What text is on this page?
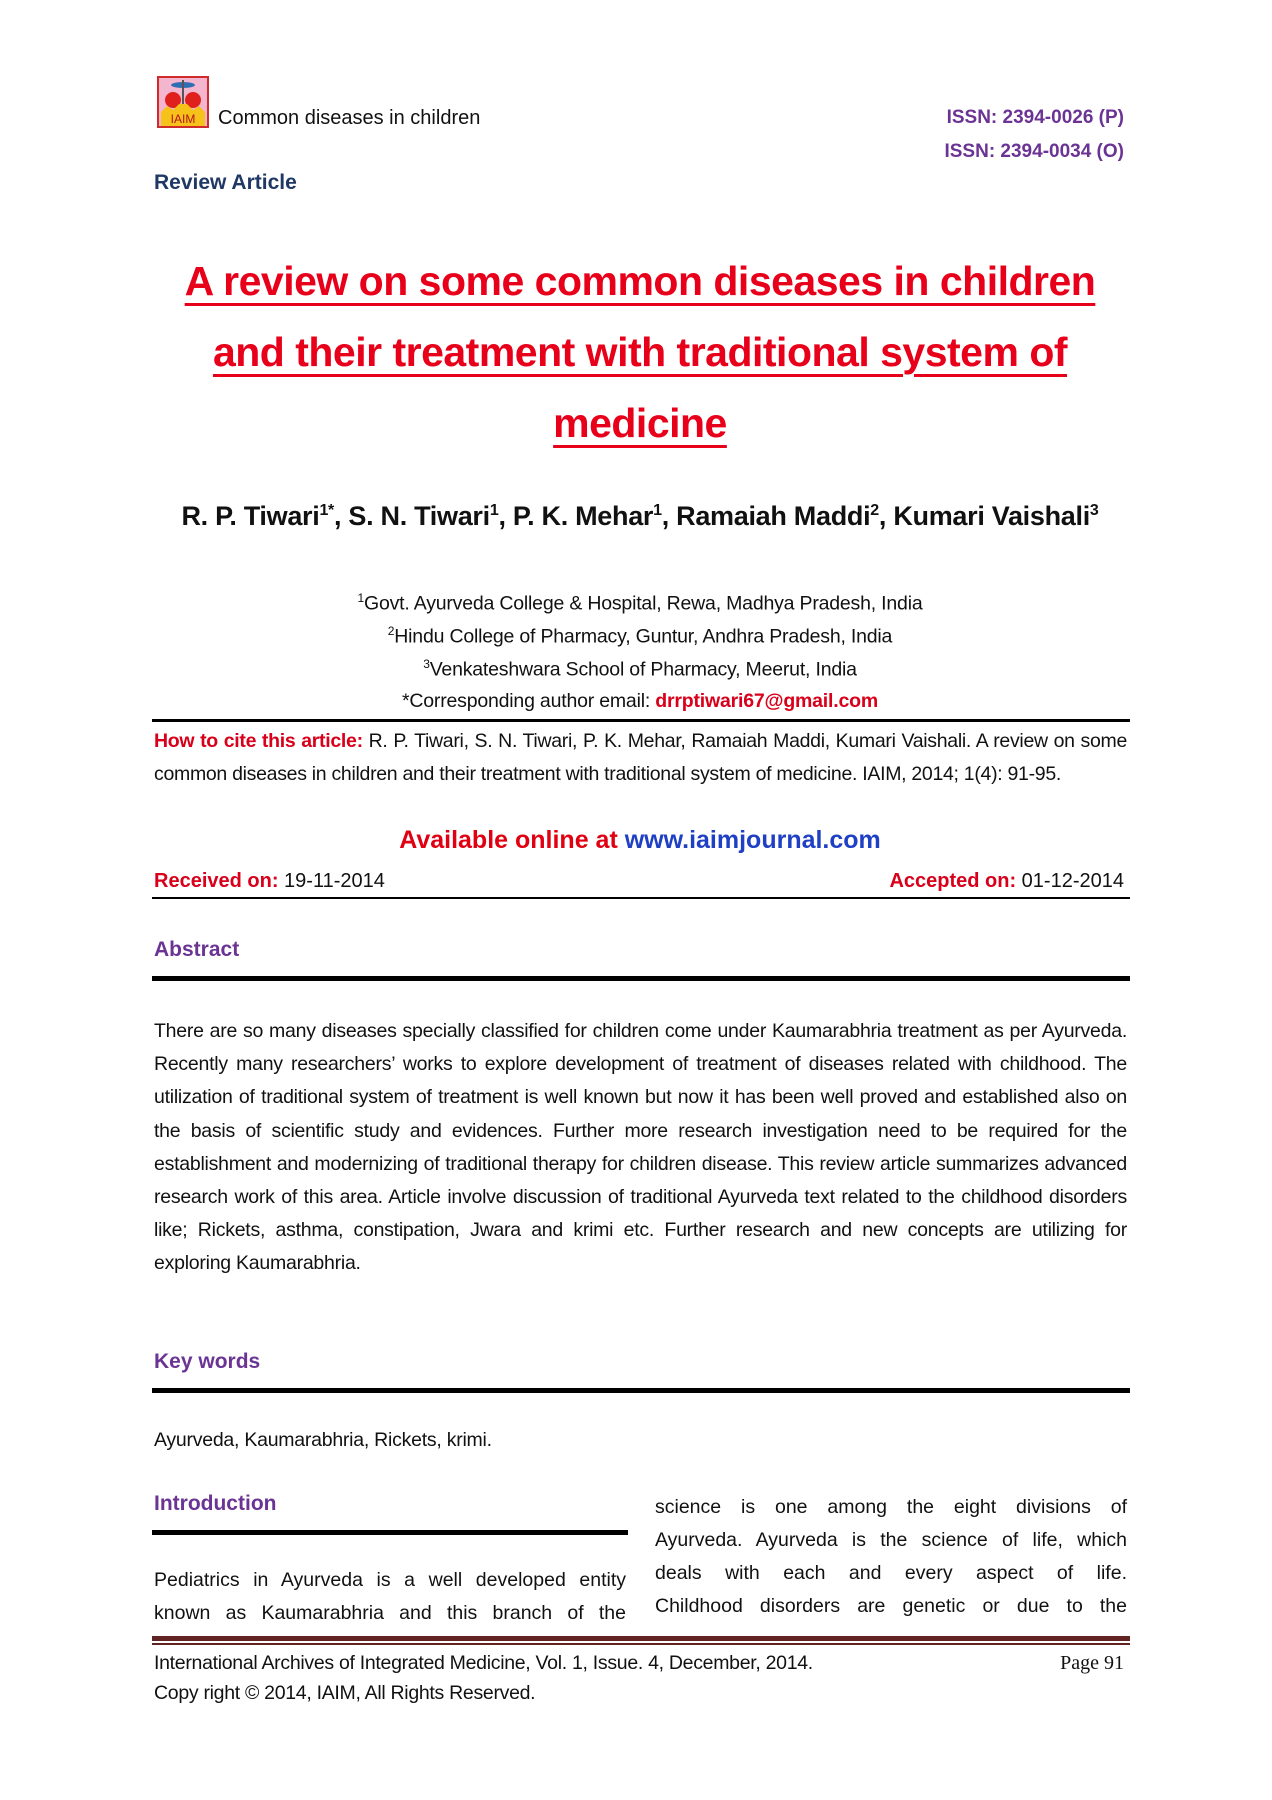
IAIM Common diseases in children	ISSN: 2394-0026 (P)
ISSN: 2394-0034 (O)
Review Article
A review on some common diseases in children and their treatment with traditional system of medicine
R. P. Tiwari$^{1*}$, S. N. Tiwari$^1$, P. K. Mehar$^1$, Ramaiah Maddi$^2$, Kumari Vaishali$^3$
$^1$Govt. Ayurveda College & Hospital, Rewa, Madhya Pradesh, India
$^2$Hindu College of Pharmacy, Guntur, Andhra Pradesh, India
$^3$Venkateshwara School of Pharmacy, Meerut, India
*Corresponding author email: drrptiwari67@gmail.com
How to cite this article: R. P. Tiwari, S. N. Tiwari, P. K. Mehar, Ramaiah Maddi, Kumari Vaishali. A review on some common diseases in children and their treatment with traditional system of medicine. IAIM, 2014; 1(4): 91-95.
Available online at www.iaimjournal.com
Received on: 19-11-2014	Accepted on: 01-12-2014
Abstract
There are so many diseases specially classified for children come under Kaumarabhria treatment as per Ayurveda. Recently many researchers’ works to explore development of treatment of diseases related with childhood. The utilization of traditional system of treatment is well known but now it has been well proved and established also on the basis of scientific study and evidences. Further more research investigation need to be required for the establishment and modernizing of traditional therapy for children disease. This review article summarizes advanced research work of this area. Article involve discussion of traditional Ayurveda text related to the childhood disorders like; Rickets, asthma, constipation, Jwara and krimi etc. Further research and new concepts are utilizing for exploring Kaumarabhria.
Key words
Ayurveda, Kaumarabhria, Rickets, krimi.
Introduction
Pediatrics in Ayurveda is a well developed entity
known as Kaumarabhria and this branch of the
science is one among the eight divisions of
Ayurveda. Ayurveda is the science of life, which
deals with each and every aspect of life.
Childhood disorders are genetic or due to the
International Archives of Integrated Medicine, Vol. 1, Issue. 4, December, 2014.	Page 91
Copy right © 2014, IAIM, All Rights Reserved.
